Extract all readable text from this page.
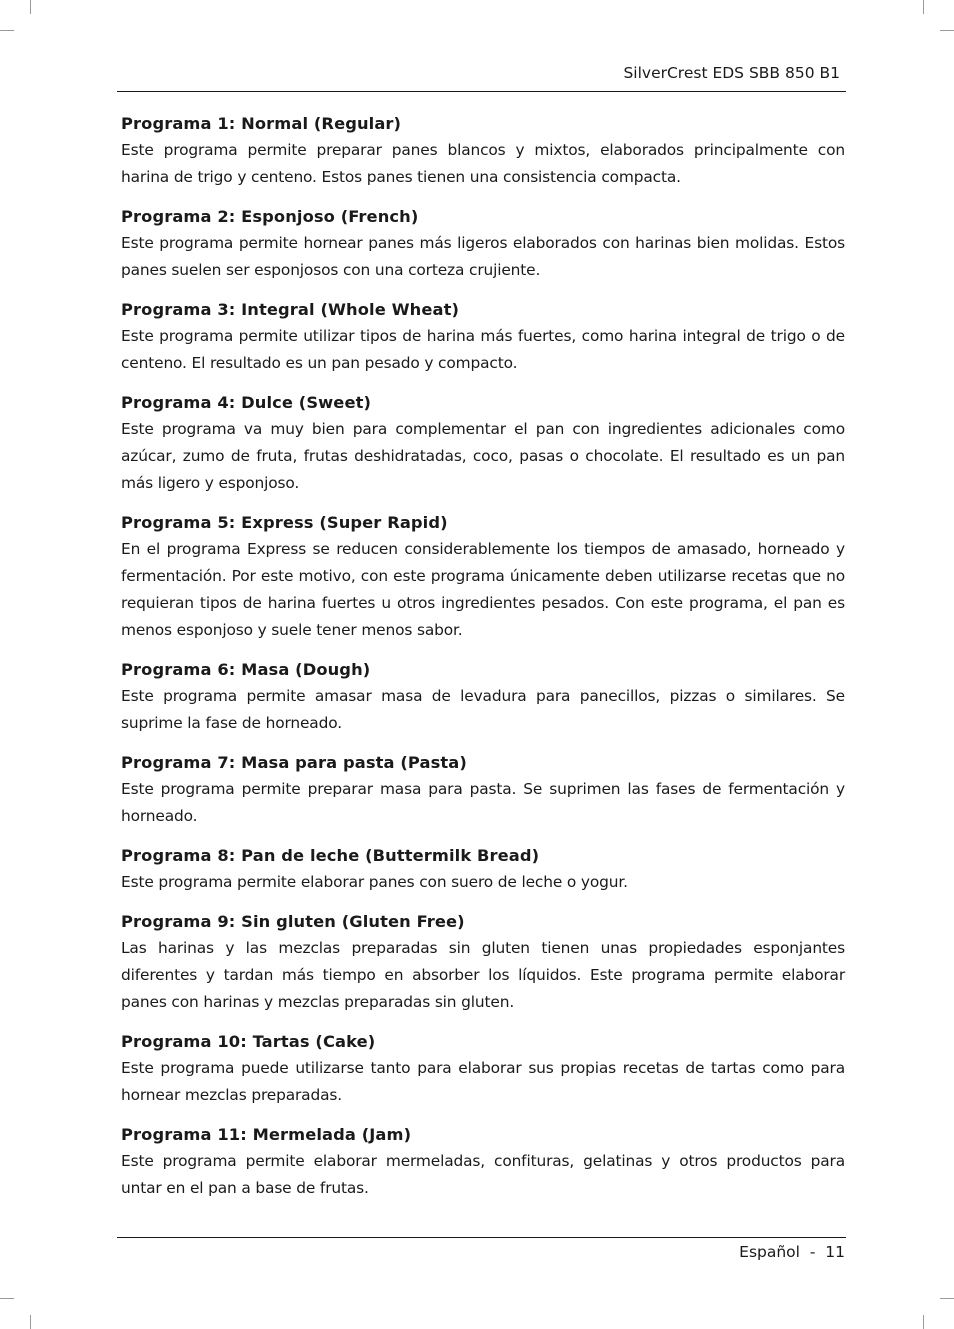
SilverCrest EDS SBB 850 B1
Programa 1: Normal (Regular)

Este programa permite preparar panes blancos y mixtos, elaborados principalmente con harina de trigo y centeno. Estos panes tienen una consistencia compacta.

Programa 2: Esponjoso (French)

Este programa permite hornear panes más ligeros elaborados con harinas bien molidas. Estos panes suelen ser esponjosos con una corteza crujiente.

Programa 3: Integral (Whole Wheat)

Este programa permite utilizar tipos de harina más fuertes, como harina integral de trigo o de centeno. El resultado es un pan pesado y compacto.

Programa 4: Dulce (Sweet)

Este programa va muy bien para complementar el pan con ingredientes adicionales como azúcar, zumo de fruta, frutas deshidratadas, coco, pasas o chocolate. El resultado es un pan más ligero y esponjoso.

Programa 5: Express (Super Rapid)

En el programa Express se reducen considerablemente los tiempos de amasado, horneado y fermentación. Por este motivo, con este programa únicamente deben utilizarse recetas que no requieran tipos de harina fuertes u otros ingredientes pesados. Con este programa, el pan es menos esponjoso y suele tener menos sabor.

Programa 6: Masa (Dough)

Este programa permite amasar masa de levadura para panecillos, pizzas o similares. Se suprime la fase de horneado.

Programa 7: Masa para pasta (Pasta)

Este programa permite preparar masa para pasta. Se suprimen las fases de fermentación y horneado.

Programa 8: Pan de leche (Buttermilk Bread)

Este programa permite elaborar panes con suero de leche o yogur.

Programa 9: Sin gluten (Gluten Free)

Las harinas y las mezclas preparadas sin gluten tienen unas propiedades esponjantes diferentes y tardan más tiempo en absorber los líquidos. Este programa permite elaborar panes con harinas y mezclas preparadas sin gluten.

Programa 10: Tartas (Cake)

Este programa puede utilizarse tanto para elaborar sus propias recetas de tartas como para hornear mezclas preparadas.

Programa 11: Mermelada (Jam)

Este programa permite elaborar mermeladas, confituras, gelatinas y otros productos para untar en el pan a base de frutas.

Español  -  11
